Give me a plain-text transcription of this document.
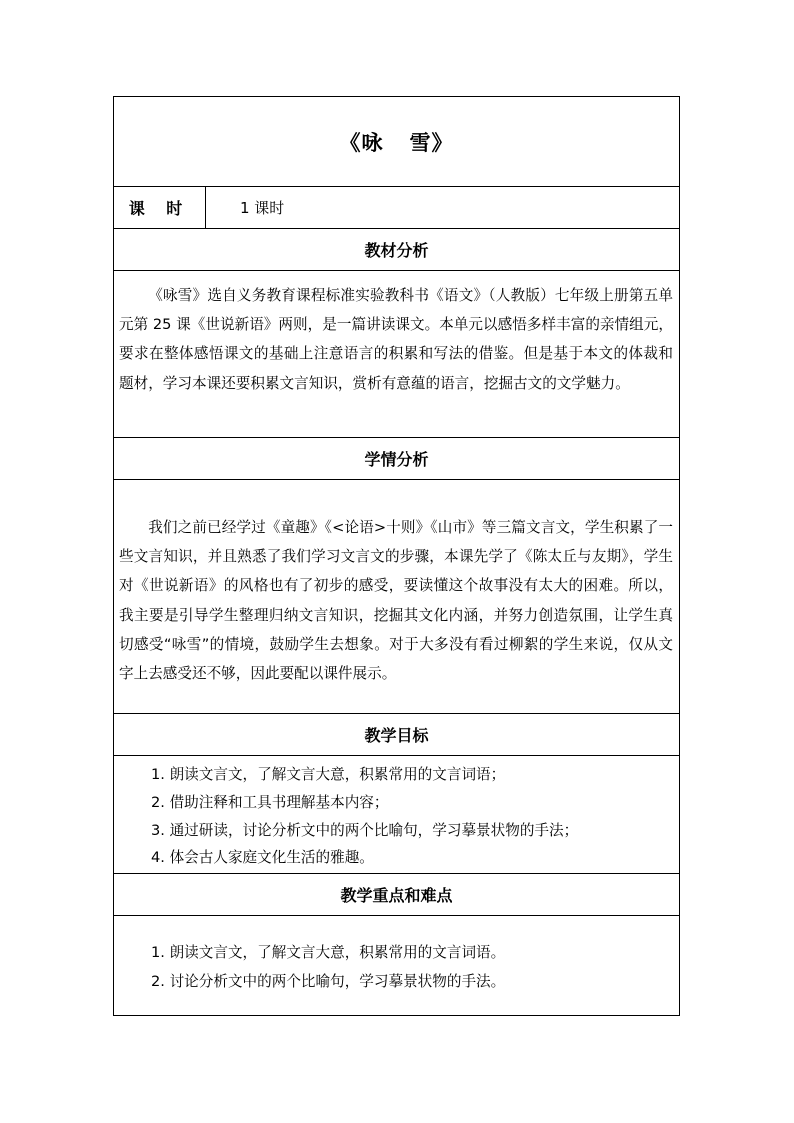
《咏 雪》
课 时	1 课时
教材分析

《咏雪》选自义务教育课程标准实验教科书《语文》（人教版）七年级上册第五单元第 25 课《世说新语》两则，是一篇讲读课文。本单元以感悟多样丰富的亲情组元，要求在整体感悟课文的基础上注意语言的积累和写法的借鉴。但是基于本文的体裁和题材，学习本课还要积累文言知识，赏析有意蕴的语言，挖掘古文的文学魅力。

学情分析

我们之前已经学过《童趣》《<论语>十则》《山市》等三篇文言文，学生积累了一些文言知识，并且熟悉了我们学习文言文的步骤，本课先学了《陈太丘与友期》，学生对《世说新语》的风格也有了初步的感受，要读懂这个故事没有太大的困难。所以，我主要是引导学生整理归纳文言知识，挖掘其文化内涵，并努力创造氛围，让学生真切感受“咏雪”的情境，鼓励学生去想象。对于大多没有看过柳絮的学生来说，仅从文字上去感受还不够，因此要配以课件展示。

教学目标
1. 朗读文言文，了解文言大意，积累常用的文言词语；
2. 借助注释和工具书理解基本内容；
3. 通过研读，讨论分析文中的两个比喻句，学习摹景状物的手法；
4. 体会古人家庭文化生活的雅趣。
教学重点和难点
1. 朗读文言文，了解文言大意，积累常用的文言词语。
2. 讨论分析文中的两个比喻句，学习摹景状物的手法。
